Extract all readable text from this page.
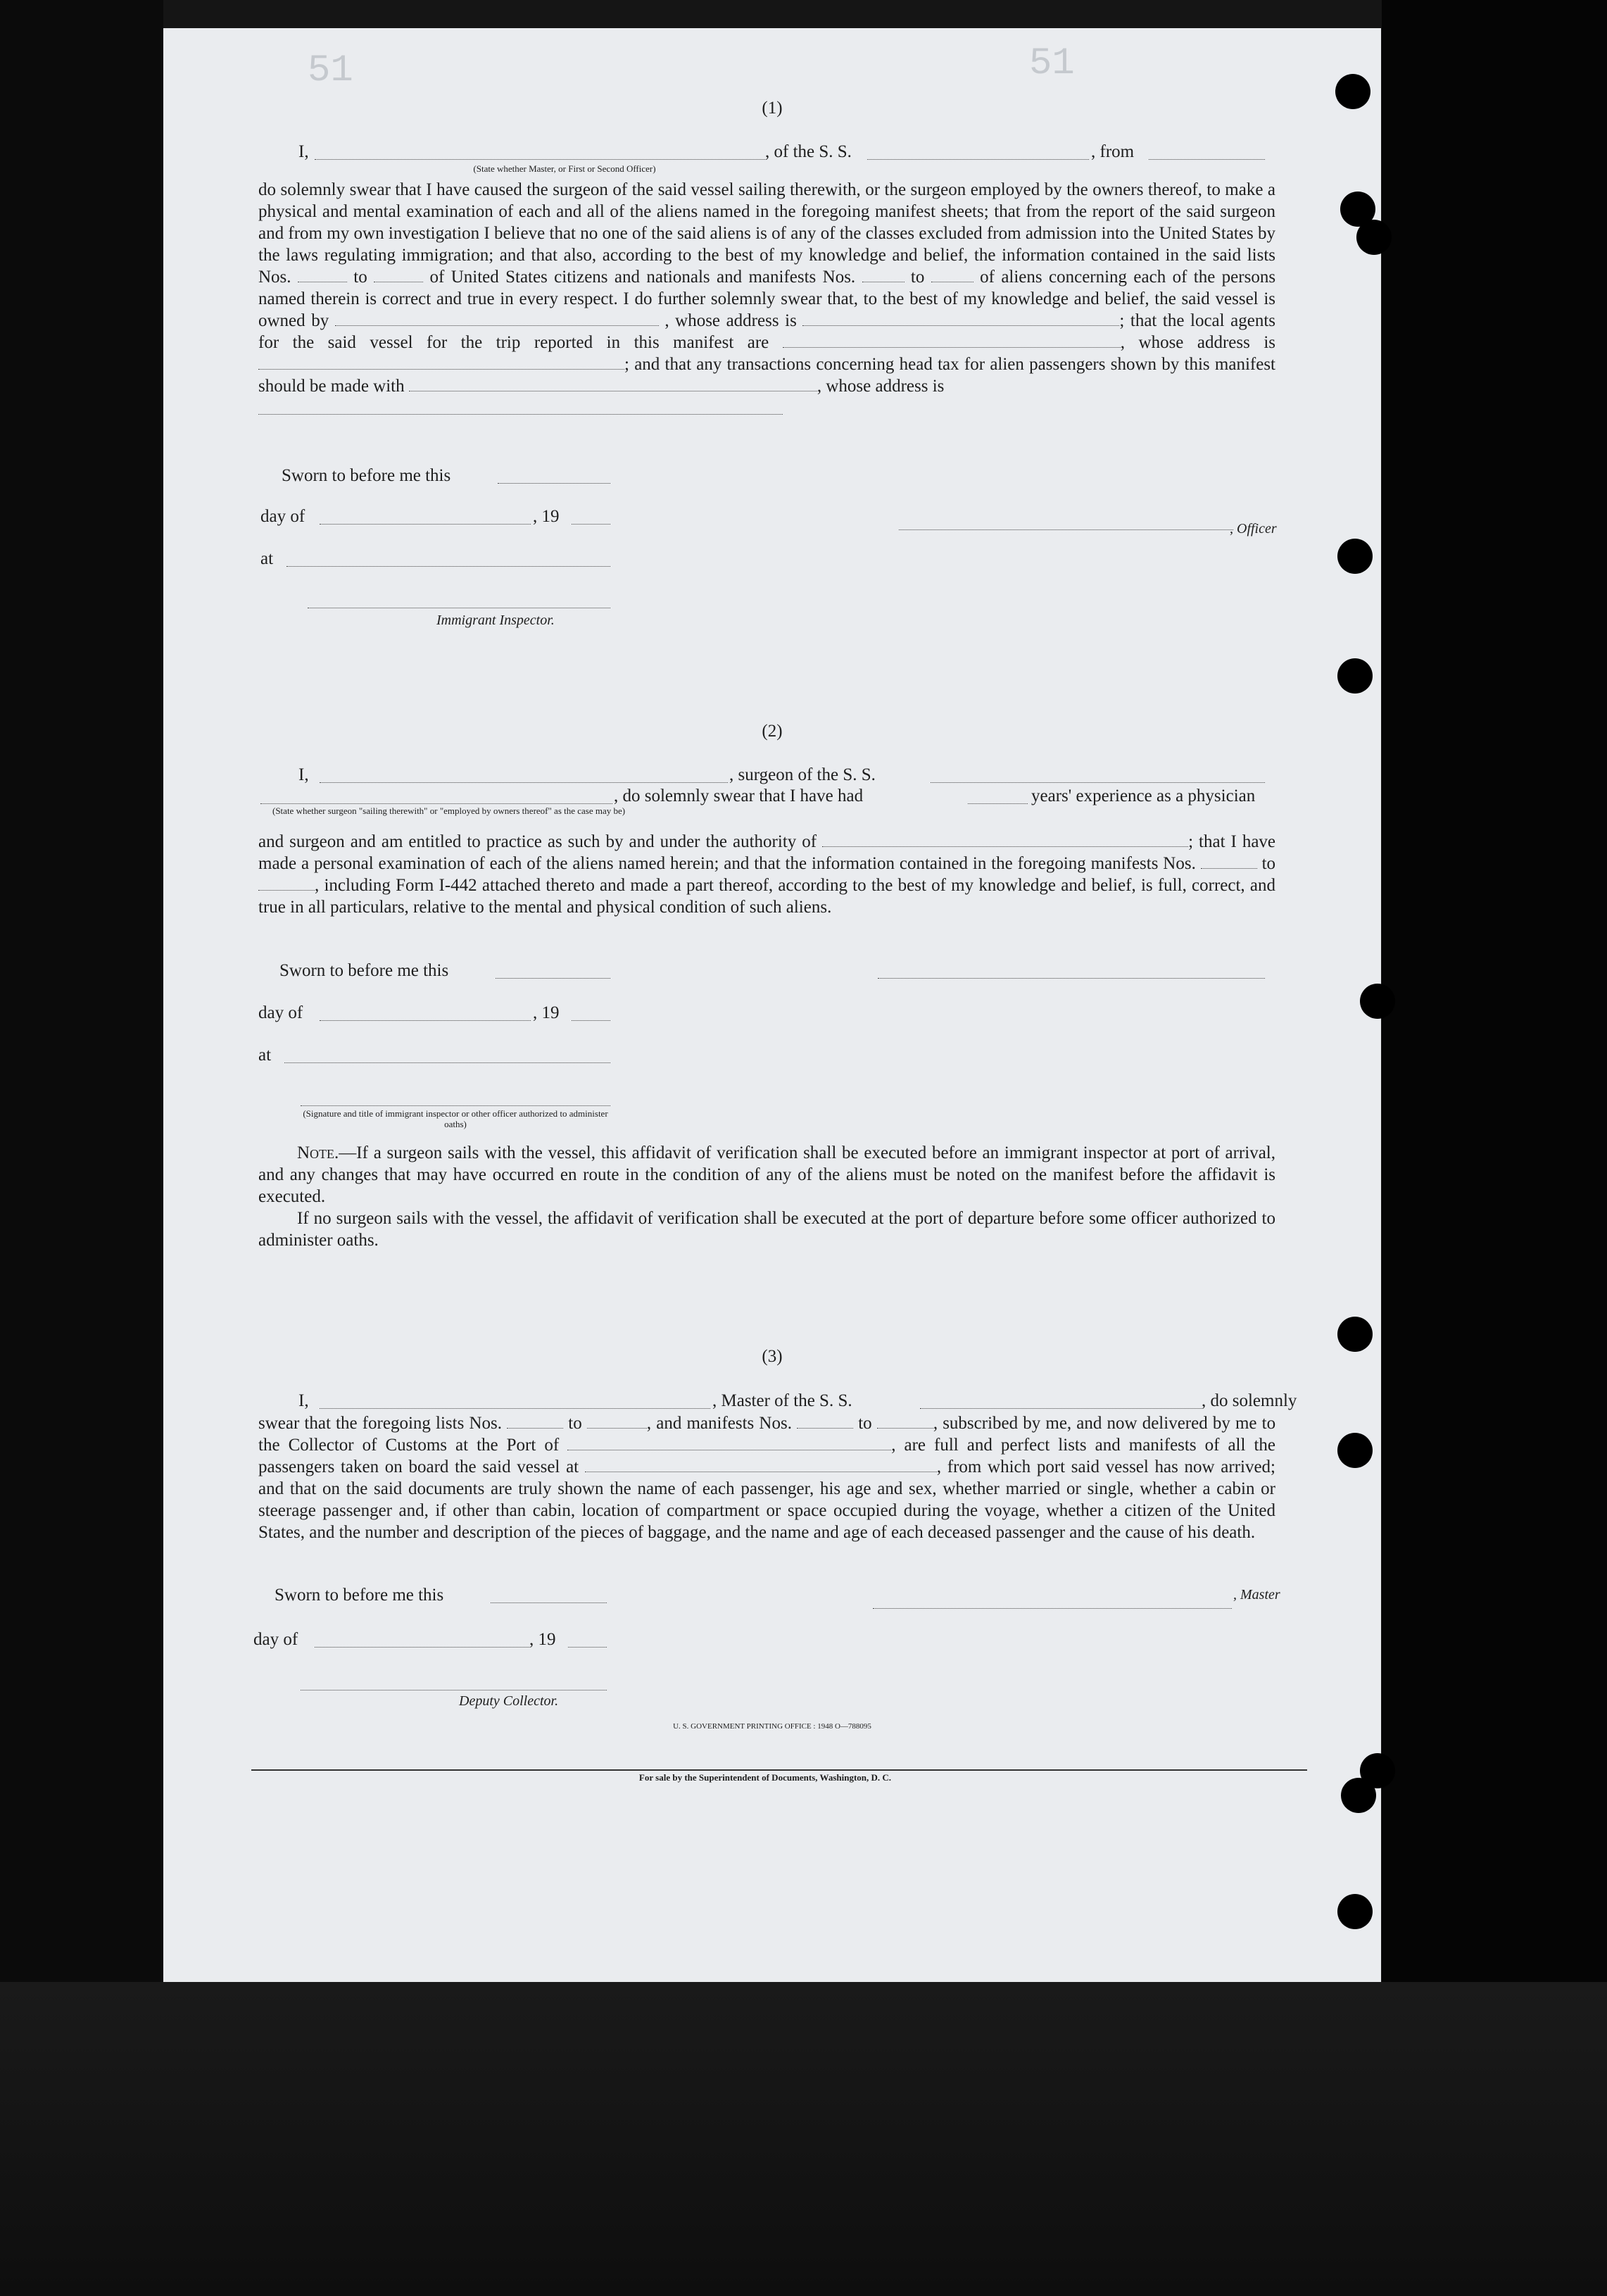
51	51
(1)
I,	, of the S. S.	, from
(State whether Master, or First or Second Officer)

do solemnly swear that I have caused the surgeon of the said vessel sailing therewith, or the surgeon employed by the owners thereof, to make a physical and mental examination of each and all of the aliens named in the foregoing manifest sheets; that from the report of the said surgeon and from my own investigation I believe that no one of the said aliens is of any of the classes excluded from admission into the United States by the laws regulating immigration; and that also, according to the best of my knowledge and belief, the information contained in the said lists Nos.	to	of United States citizens and nationals and manifests Nos.	to	of aliens concerning each of the persons named therein is correct and true in every respect. I do further solemnly swear that, to the best of my knowledge and belief, the said vessel is owned by	, whose address is	; that the local agents for the said vessel for the trip reported in this manifest are	, whose address is ; and that any transactions concerning head tax for alien passengers shown by this manifest should be made with	, whose address is

Sworn to before me this
day of	, 19
at
Immigrant Inspector.
, Officer
(2)
I,	, surgeon of the S. S.
, do solemnly swear that I have had	years' experience as a physician
(State whether surgeon "sailing therewith" or "employed by owners thereof" as the case may be)

and surgeon and am entitled to practice as such by and under the authority of	; that I have made a personal examination of each of the aliens named herein; and that the information contained in the foregoing manifests Nos.	to , including Form I-442 attached thereto and made a part thereof, according to the best of my knowledge and belief, is full, correct, and true in all particulars, relative to the mental and physical condition of such aliens.

Sworn to before me this
day of	, 19
at
(Signature and title of immigrant inspector or other officer authorized to administer oaths)

Note.—If a surgeon sails with the vessel, this affidavit of verification shall be executed before an immigrant inspector at port of arrival, and any changes that may have occurred en route in the condition of any of the aliens must be noted on the manifest before the affidavit is executed.

If no surgeon sails with the vessel, the affidavit of verification shall be executed at the port of departure before some officer authorized to administer oaths.

(3)
I,	, Master of the S. S.	, do solemnly

swear that the foregoing lists Nos.	to	, and manifests Nos.	to	, subscribed by me, and now delivered by me to the Collector of Customs at the Port of	, are full and perfect lists and manifests of all the passengers taken on board the said vessel at	, from which port said vessel has now arrived; and that on the said documents are truly shown the name of each passenger, his age and sex, whether married or single, whether a cabin or steerage passenger and, if other than cabin, location of compartment or space occupied during the voyage, whether a citizen of the United States, and the number and description of the pieces of baggage, and the name and age of each deceased passenger and the cause of his death.

Sworn to before me this	, Master
day of	, 19
Deputy Collector.
U. S. GOVERNMENT PRINTING OFFICE : 1948 O—788095
For sale by the Superintendent of Documents, Washington, D. C.
